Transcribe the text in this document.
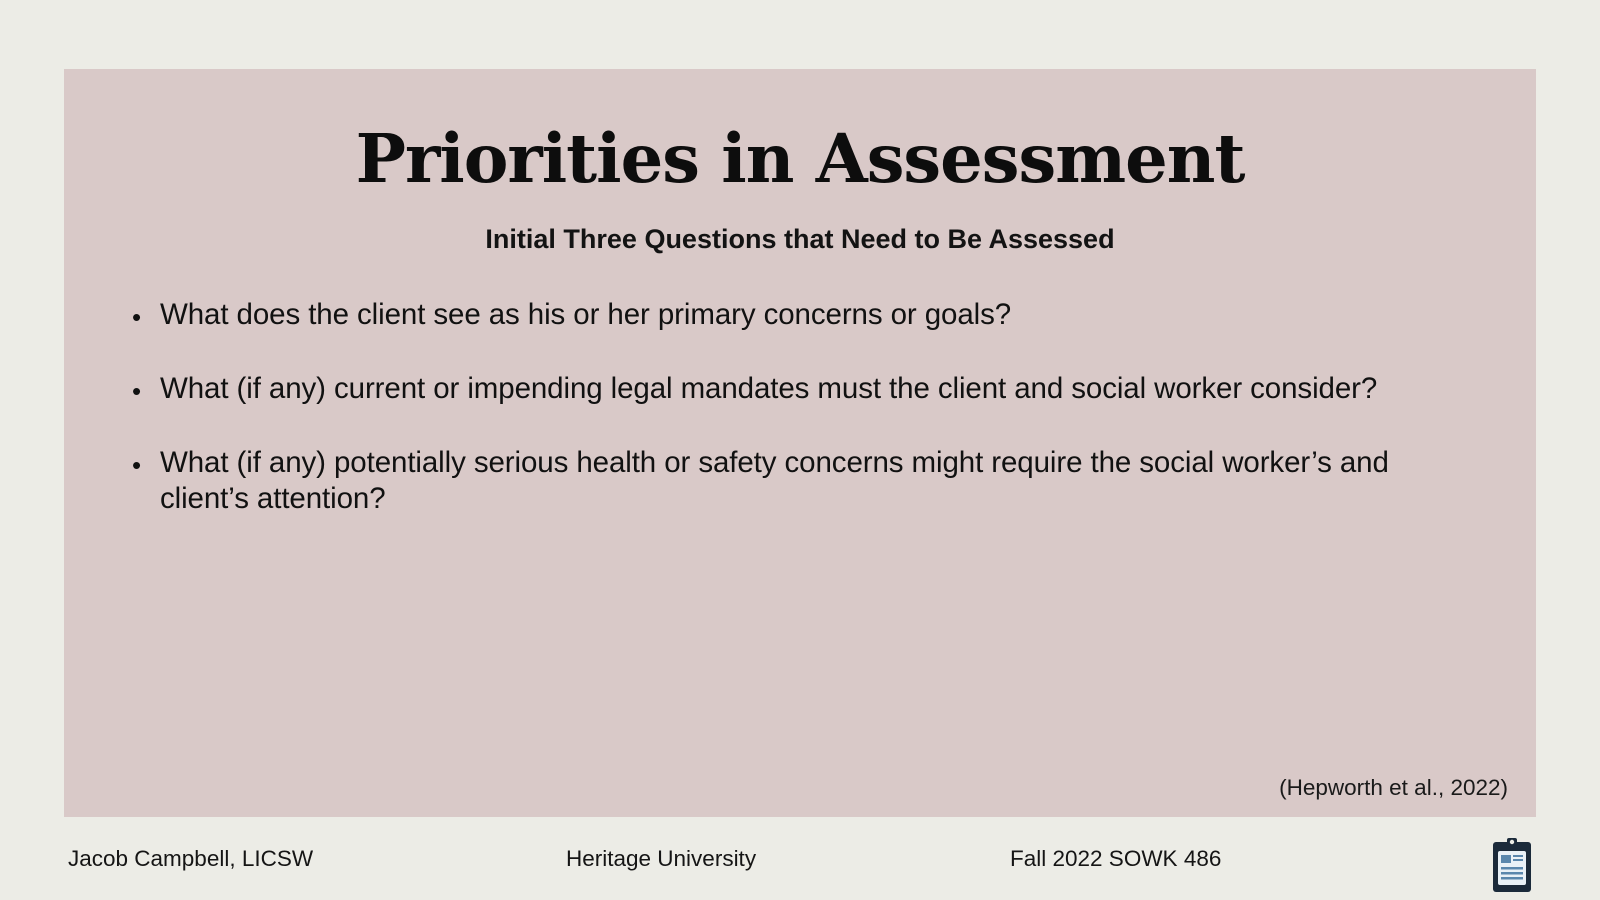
Priorities in Assessment
Initial Three Questions that Need to Be Assessed
• What does the client see as his or her primary concerns or goals?
• What (if any) current or impending legal mandates must the client and social worker consider?
• What (if any) potentially serious health or safety concerns might require the social worker’s and client’s attention?
(Hepworth et al., 2022)
Jacob Campbell, LICSW	Heritage University	Fall 2022 SOWK 486
